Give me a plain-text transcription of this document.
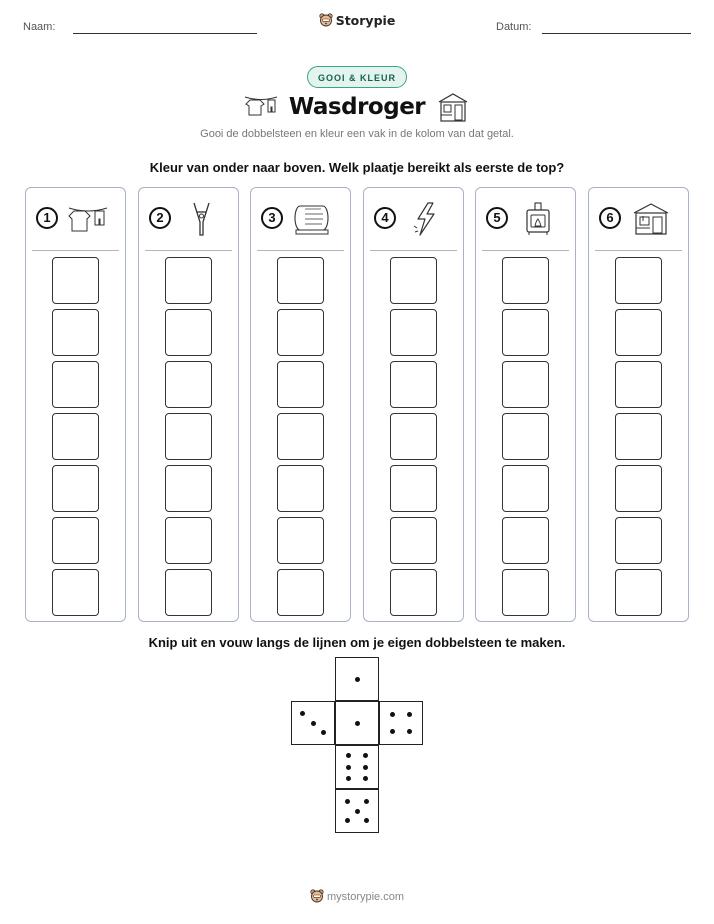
Naam:	Datum:
Storypie
GOOI & KLEUR
Wasdroger
Gooi de dobbelsteen en kleur een vak in de kolom van dat getal.
Kleur van onder naar boven. Welk plaatje bereikt als eerste de top?
1	2	3	4	5	6
Knip uit en vouw langs de lijnen om je eigen dobbelsteen te maken.
mystorypie.com
